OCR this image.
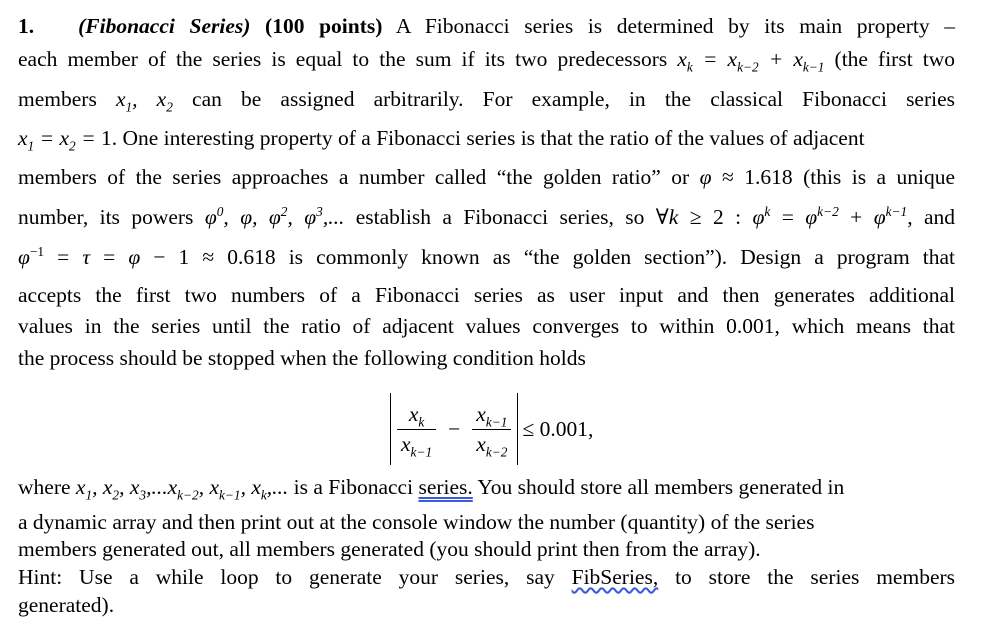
1. (Fibonacci Series) (100 points) A Fibonacci series is determined by its main property –
each member of the series is equal to the sum if its two predecessors $x_k = x_{k-2} + x_{k-1}$ (the first two
members $x_1$, $x_2$ can be assigned arbitrarily. For example, in the classical Fibonacci series
$x_1 = x_2 = 1$. One interesting property of a Fibonacci series is that the ratio of the values of adjacent
members of the series approaches a number called “the golden ratio” or φ ≈ 1.618 (this is a unique
number, its powers $\varphi^0$, φ, $\varphi^2$, $\varphi^3$,... establish a Fibonacci series, so ∀k ≥ 2 : $\varphi^k = \varphi^{k-2} + \varphi^{k-1}$, and
$\varphi^{-1} = \tau = \varphi - 1 \approx 0.618$ is commonly known as “the golden section”). Design a program that
accepts the first two numbers of a Fibonacci series as user input and then generates additional
values in the series until the ratio of adjacent values converges to within 0.001, which means that
the process should be stopped when the following condition holds
$\frac{x_k}{x_{k-1}} - \frac{x_{k-1}}{x_{k-2}} \le 0.001$,
where $x_1$, $x_2$, $x_3,...x_{k-2}$, $x_{k-1}$, $x_k$,... is a Fibonacci series. You should store all members generated in
a dynamic array and then print out at the console window the number (quantity) of the series
members generated out, all members generated (you should print then from the array).
Hint: Use a while loop to generate your series, say FibSeries, to store the series members
generated).
